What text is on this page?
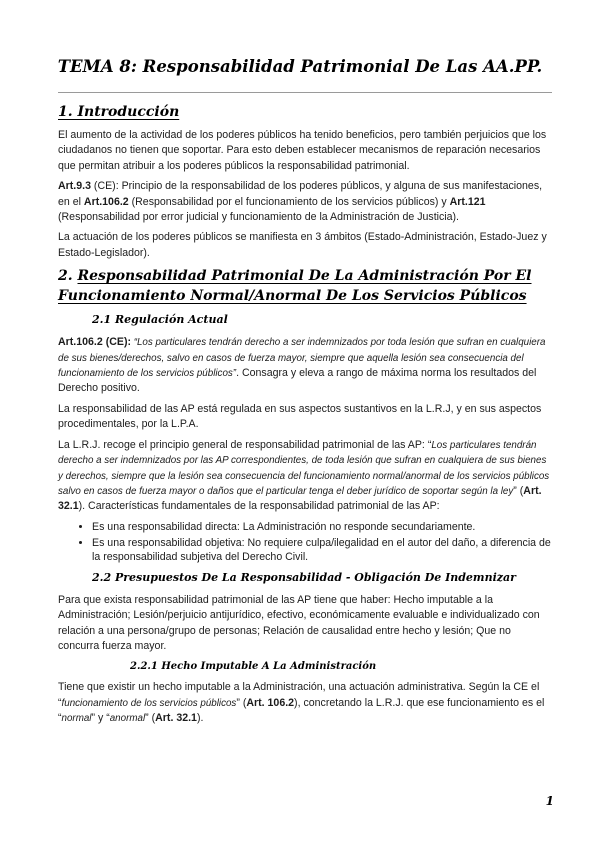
TEMA 8: Responsabilidad Patrimonial De Las AA.PP.
1. Introducción

El aumento de la actividad de los poderes públicos ha tenido beneficios, pero también perjuicios que los ciudadanos no tienen que soportar. Para esto deben establecer mecanismos de reparación necesarios que permitan atribuir a los poderes públicos la responsabilidad patrimonial.

Art.9.3 (CE): Principio de la responsabilidad de los poderes públicos, y alguna de sus manifestaciones, en el Art.106.2 (Responsabilidad por el funcionamiento de los servicios públicos) y Art.121 (Responsabilidad por error judicial y funcionamiento de la Administración de Justicia).

La actuación de los poderes públicos se manifiesta en 3 ámbitos (Estado-Administración, Estado-Juez y Estado-Legislador).

2. Responsabilidad Patrimonial De La Administración Por El Funcionamiento Normal/Anormal De Los Servicios Públicos
2.1 Regulación Actual

Art.106.2 (CE): “Los particulares tendrán derecho a ser indemnizados por toda lesión que sufran en cualquiera de sus bienes/derechos, salvo en casos de fuerza mayor, siempre que aquella lesión sea consecuencia del funcionamiento de los servicios públicos”. Consagra y eleva a rango de máxima norma los resultados del Derecho positivo.

La responsabilidad de las AP está regulada en sus aspectos sustantivos en la L.R.J, y en sus aspectos procedimentales, por la L.P.A.

La L.R.J. recoge el principio general de responsabilidad patrimonial de las AP: “Los particulares tendrán derecho a ser indemnizados por las AP correspondientes, de toda lesión que sufran en cualquiera de sus bienes y derechos, siempre que la lesión sea consecuencia del funcionamiento normal/anormal de los servicios públicos salvo en casos de fuerza mayor o daños que el particular tenga el deber jurídico de soportar según la ley” (Art. 32.1). Características fundamentales de la responsabilidad patrimonial de las AP:

• Es una responsabilidad directa: La Administración no responde secundariamente.
• Es una responsabilidad objetiva: No requiere culpa/ilegalidad en el autor del daño, a diferencia de la responsabilidad subjetiva del Derecho Civil.
2.2 Presupuestos De La Responsabilidad - Obligación De Indemnizar

Para que exista responsabilidad patrimonial de las AP tiene que haber: Hecho imputable a la Administración; Lesión/perjuicio antijurídico, efectivo, económicamente evaluable e individualizado con relación a una persona/grupo de personas; Relación de causalidad entre hecho y lesión; Que no concurra fuerza mayor.

2.2.1 Hecho Imputable A La Administración

Tiene que existir un hecho imputable a la Administración, una actuación administrativa. Según la CE el “funcionamiento de los servicios públicos” (Art. 106.2), concretando la L.R.J. que ese funcionamiento es el “normal” y “anormal” (Art. 32.1).

1
